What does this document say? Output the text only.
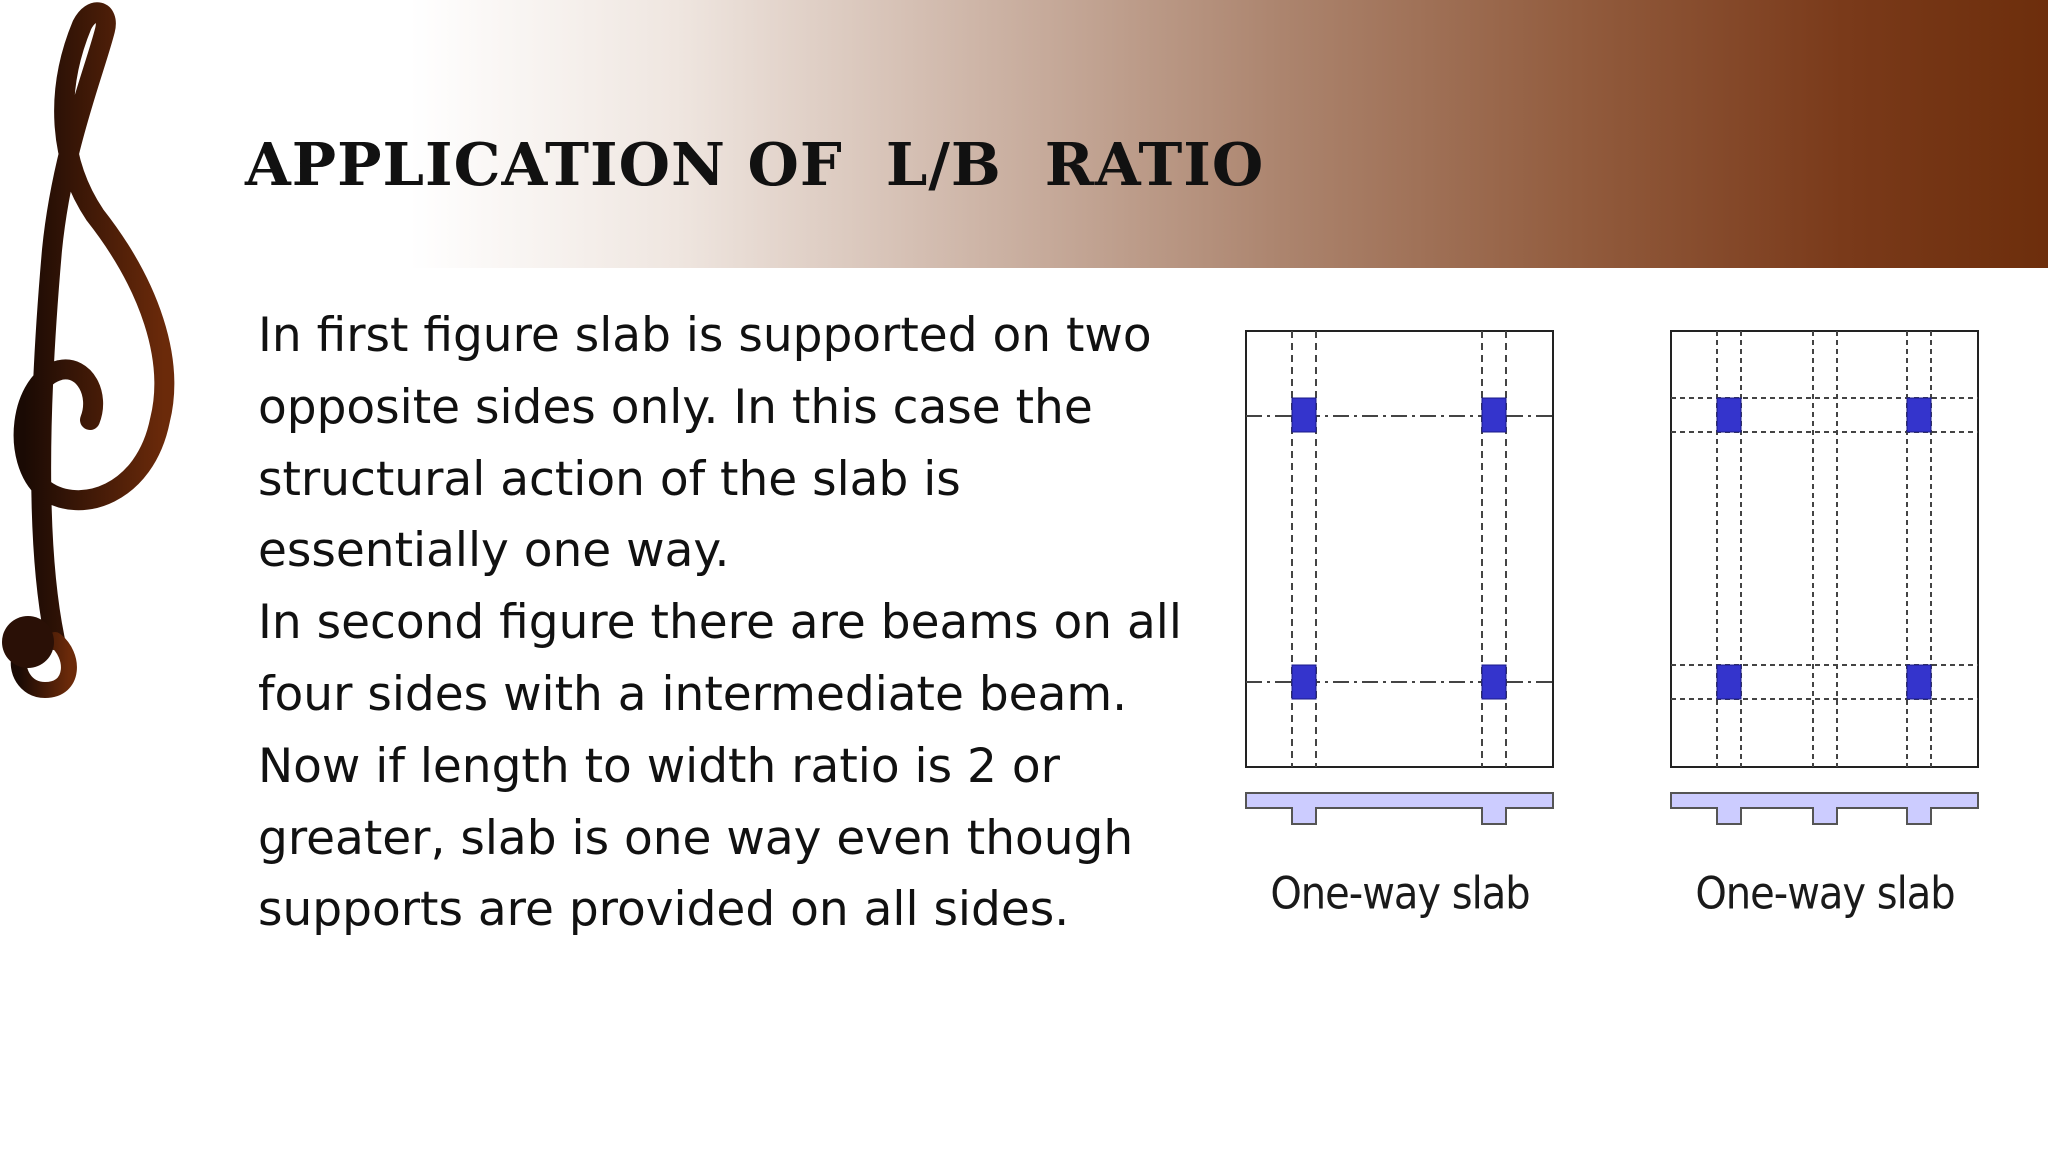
APPLICATION OF  L/B  RATIO

In first figure slab is supported on two opposite sides only. In this case the structural action of the slab is essentially one way.

In second figure there are beams on all four sides with a intermediate beam. Now if length to width ratio is 2 or greater, slab is one way even though supports are provided on all sides.	One-way slab	One-way slab
